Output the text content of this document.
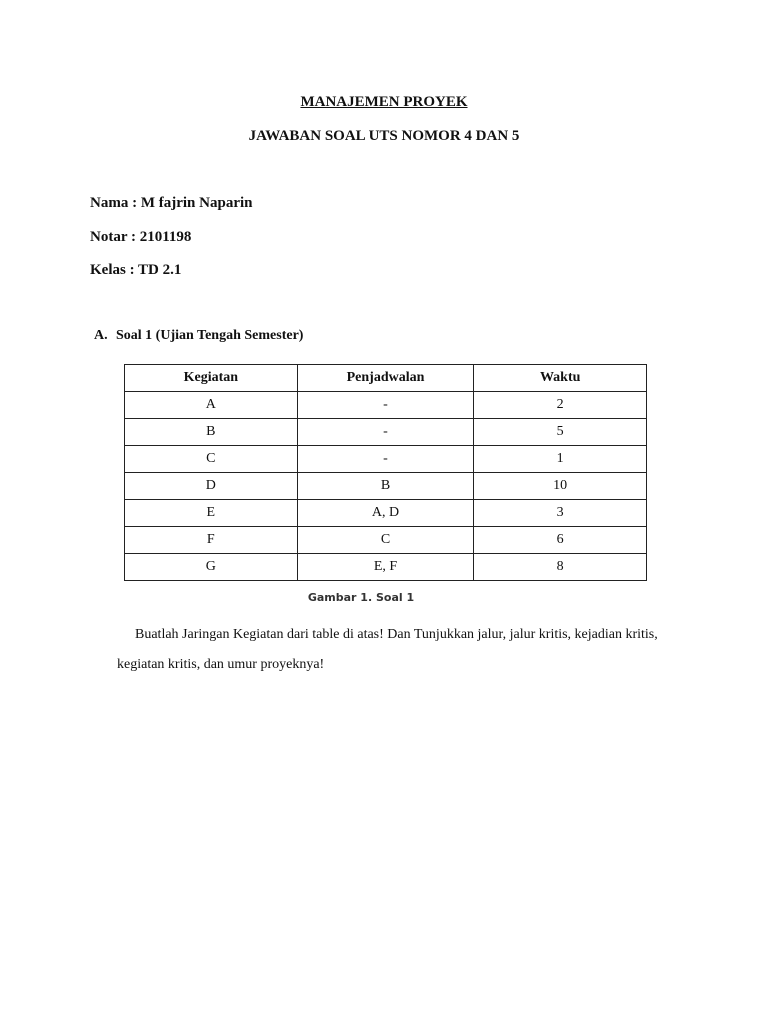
MANAJEMEN PROYEK
JAWABAN SOAL UTS NOMOR 4 DAN 5
Nama : M fajrin Naparin
Notar : 2101198
Kelas : TD 2.1
A. Soal 1 (Ujian Tengah Semester)
Kegiatan	Penjadwalan	Waktu
A	-	2
B	-	5
C	-	1
D	B	10
E	A, D	3
F	C	6
G	E, F	8
Gambar 1. Soal 1
Buatlah Jaringan Kegiatan dari table di atas! Dan Tunjukkan jalur, jalur kritis, kejadian kritis, kegiatan kritis, dan umur proyeknya!
